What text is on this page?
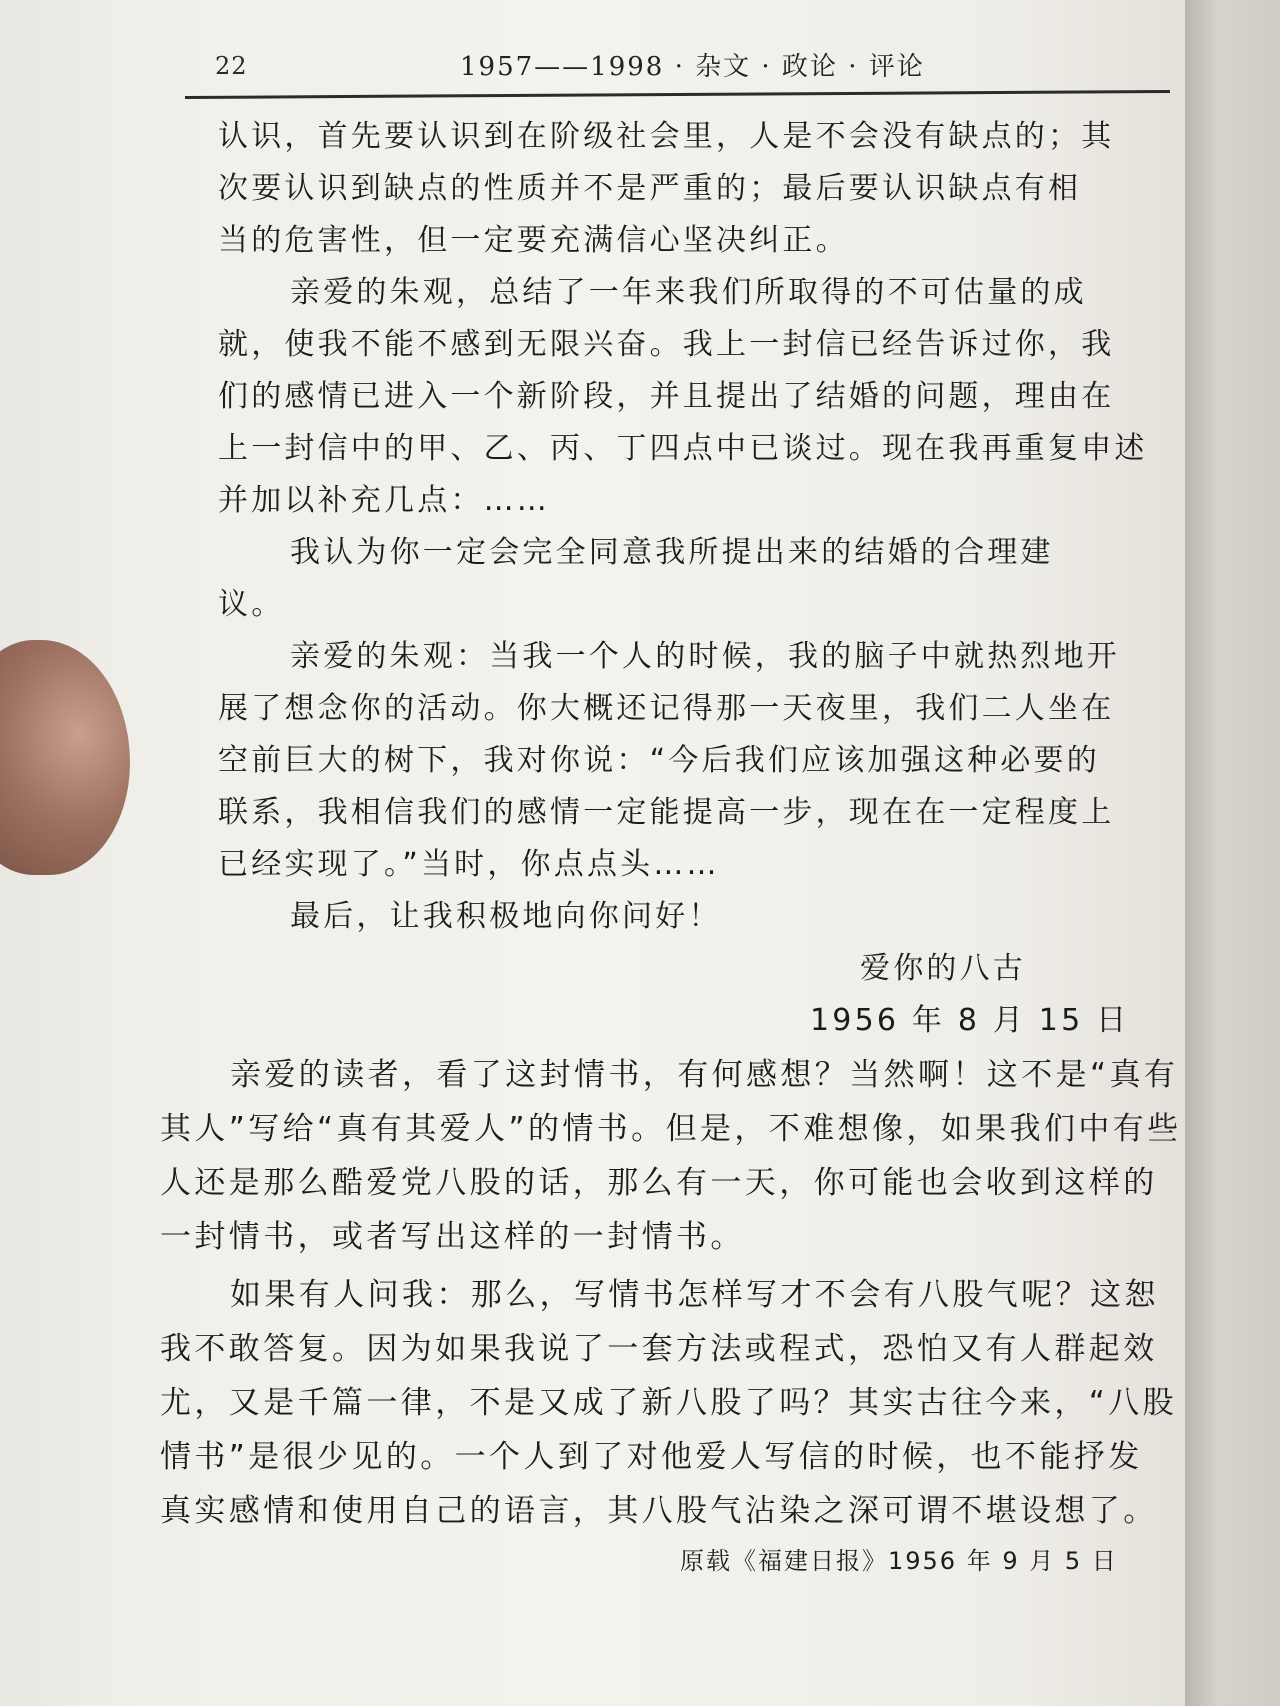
22	1957——1998 · 杂文 · 政论 · 评论
认识，首先要认识到在阶级社会里，人是不会没有缺点的；其
次要认识到缺点的性质并不是严重的；最后要认识缺点有相
当的危害性，但一定要充满信心坚决纠正。
亲爱的朱观，总结了一年来我们所取得的不可估量的成
就，使我不能不感到无限兴奋。我上一封信已经告诉过你，我
们的感情已进入一个新阶段，并且提出了结婚的问题，理由在
上一封信中的甲、乙、丙、丁四点中已谈过。现在我再重复申述
并加以补充几点：……
我认为你一定会完全同意我所提出来的结婚的合理建
议。
亲爱的朱观：当我一个人的时候，我的脑子中就热烈地开
展了想念你的活动。你大概还记得那一天夜里，我们二人坐在
空前巨大的树下，我对你说：“今后我们应该加强这种必要的
联系，我相信我们的感情一定能提高一步，现在在一定程度上
已经实现了。”当时，你点点头……
最后，让我积极地向你问好！
爱你的八古
1956 年 8 月 15 日
亲爱的读者，看了这封情书，有何感想？当然啊！这不是“真有
其人”写给“真有其爱人”的情书。但是，不难想像，如果我们中有些
人还是那么酷爱党八股的话，那么有一天，你可能也会收到这样的
一封情书，或者写出这样的一封情书。
如果有人问我：那么，写情书怎样写才不会有八股气呢？这恕
我不敢答复。因为如果我说了一套方法或程式，恐怕又有人群起效
尤，又是千篇一律，不是又成了新八股了吗？其实古往今来，“八股
情书”是很少见的。一个人到了对他爱人写信的时候，也不能抒发
真实感情和使用自己的语言，其八股气沾染之深可谓不堪设想了。
原载《福建日报》1956 年 9 月 5 日
